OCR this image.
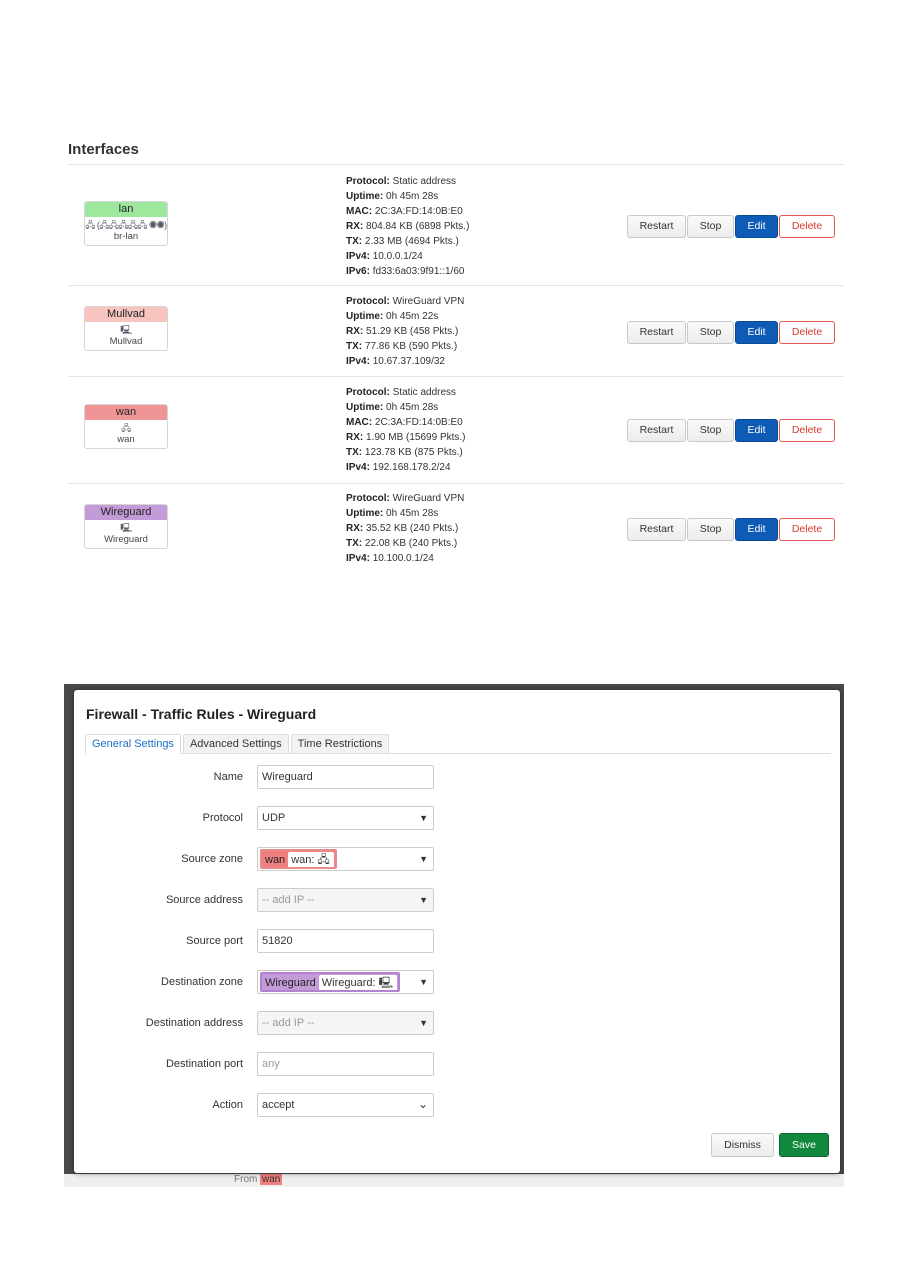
Interfaces
lan
🖧 (🖧🖧🖧🖧🖧 ◉◉)
br-lan
Protocol: Static address
Uptime: 0h 45m 28s
MAC: 2C:3A:FD:14:0B:E0
RX: 804.84 KB (6898 Pkts.)
TX: 2.33 MB (4694 Pkts.)
IPv4: 10.0.0.1/24
IPv6: fd33:6a03:9f91::1/60
Restart	Stop Edit	Delete
Mullvad
🖳
Mullvad
Protocol: WireGuard VPN
Uptime: 0h 45m 22s
RX: 51.29 KB (458 Pkts.)
TX: 77.86 KB (590 Pkts.)
IPv4: 10.67.37.109/32
Restart	Stop Edit	Delete
wan
🖧
wan
Protocol: Static address
Uptime: 0h 45m 28s
MAC: 2C:3A:FD:14:0B:E0
RX: 1.90 MB (15699 Pkts.)
TX: 123.78 KB (875 Pkts.)
IPv4: 192.168.178.2/24
Restart	Stop Edit	Delete
Wireguard
🖳
Wireguard
Protocol: WireGuard VPN
Uptime: 0h 45m 28s
RX: 35.52 KB (240 Pkts.)
TX: 22.08 KB (240 Pkts.)
IPv4: 10.100.0.1/24
Restart	Stop Edit	Delete
From wan
Firewall - Traffic Rules - Wireguard
General Settings	Advanced Settings	Time Restrictions
Name	Wireguard
Protocol	UDP	▼
Source zone	wan wan: 🖧	▼
Source address	-- add IP --	▼
Source port	51820
Destination zone	Wireguard Wireguard: 🖳	▼
Destination address	-- add IP --	▼
Destination port	any
Action	accept	⌄
Dismiss	Save
